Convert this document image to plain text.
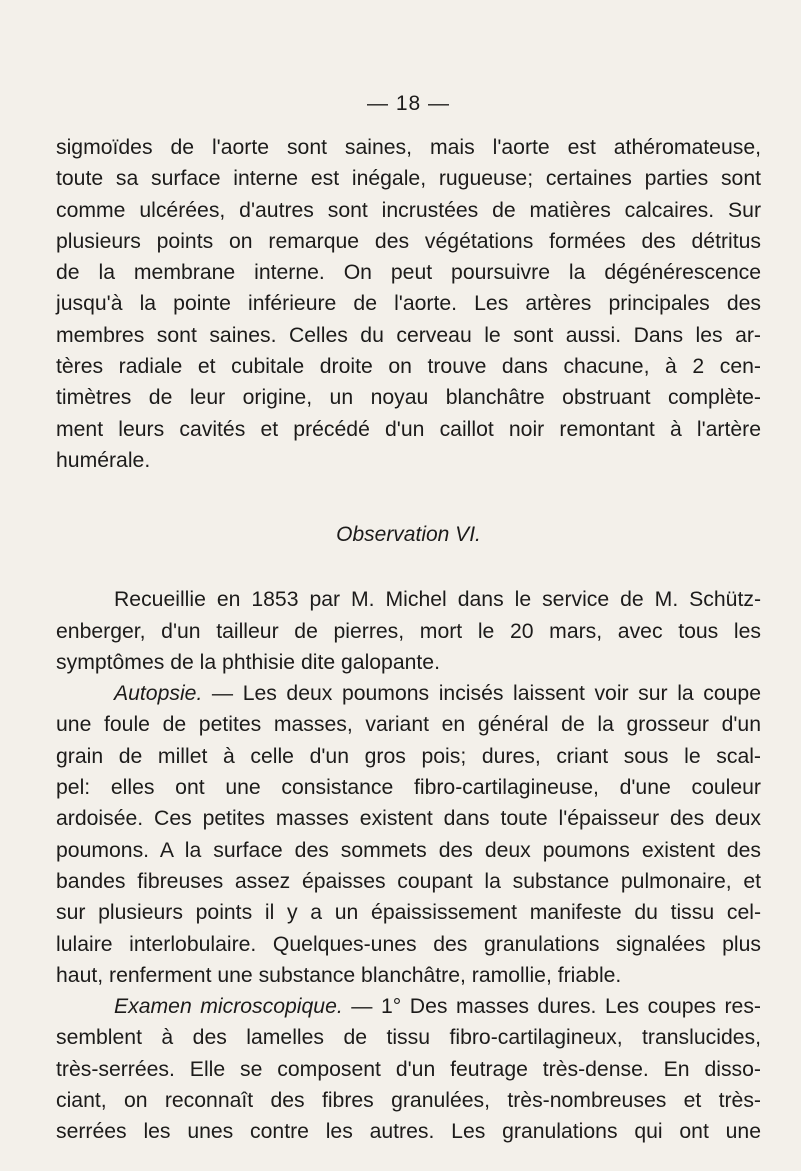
— 18 —

sigmoïdes de l'aorte sont saines, mais l'aorte est athéromateuse,
toute sa surface interne est inégale, rugueuse; certaines parties sont
comme ulcérées, d'autres sont incrustées de matières calcaires. Sur
plusieurs points on remarque des végétations formées des détritus
de la membrane interne. On peut poursuivre la dégénérescence
jusqu'à la pointe inférieure de l'aorte. Les artères principales des
membres sont saines. Celles du cerveau le sont aussi. Dans les ar-
tères radiale et cubitale droite on trouve dans chacune, à 2 cen-
timètres de leur origine, un noyau blanchâtre obstruant complète-
ment leurs cavités et précédé d'un caillot noir remontant à l'artère
humérale.

Observation VI.

Recueillie en 1853 par M. Michel dans le service de M. Schütz-
enberger, d'un tailleur de pierres, mort le 20 mars, avec tous les
symptômes de la phthisie dite galopante.

Autopsie. — Les deux poumons incisés laissent voir sur la coupe
une foule de petites masses, variant en général de la grosseur d'un
grain de millet à celle d'un gros pois; dures, criant sous le scal-
pel: elles ont une consistance fibro-cartilagineuse, d'une couleur
ardoisée. Ces petites masses existent dans toute l'épaisseur des deux
poumons. A la surface des sommets des deux poumons existent des
bandes fibreuses assez épaisses coupant la substance pulmonaire, et
sur plusieurs points il y a un épaississement manifeste du tissu cel-
lulaire interlobulaire. Quelques-unes des granulations signalées plus
haut, renferment une substance blanchâtre, ramollie, friable.

Examen microscopique. — 1° Des masses dures. Les coupes res-
semblent à des lamelles de tissu fibro-cartilagineux, translucides,
très-serrées. Elle se composent d'un feutrage très-dense. En disso-
ciant, on reconnaît des fibres granulées, très-nombreuses et très-
serrées les unes contre les autres. Les granulations qui ont une
